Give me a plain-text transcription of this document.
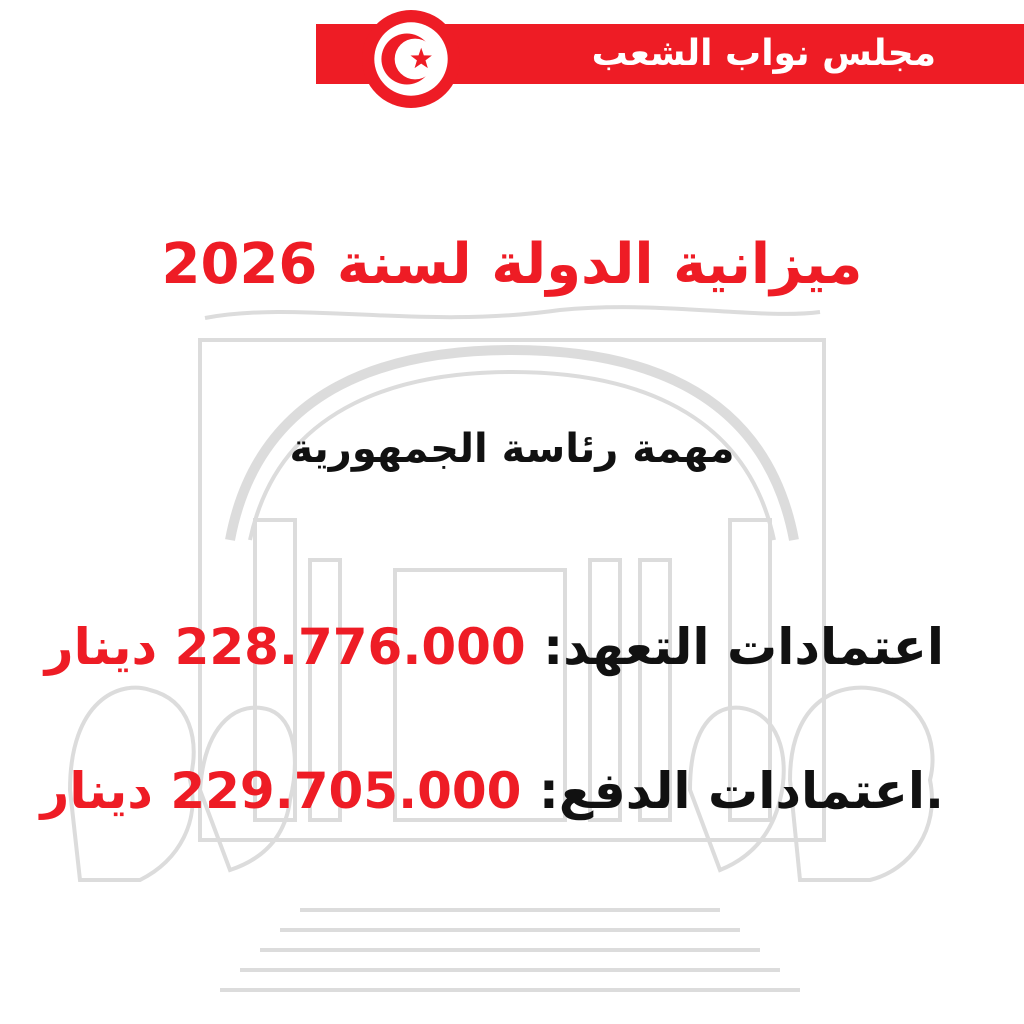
مجلس نواب الشعب
ميزانية الدولة لسنة 2026
مهمة رئاسة الجمهورية
اعتمادات التعهد: 228.776.000 دينار
.اعتمادات الدفع: 229.705.000 دينار
